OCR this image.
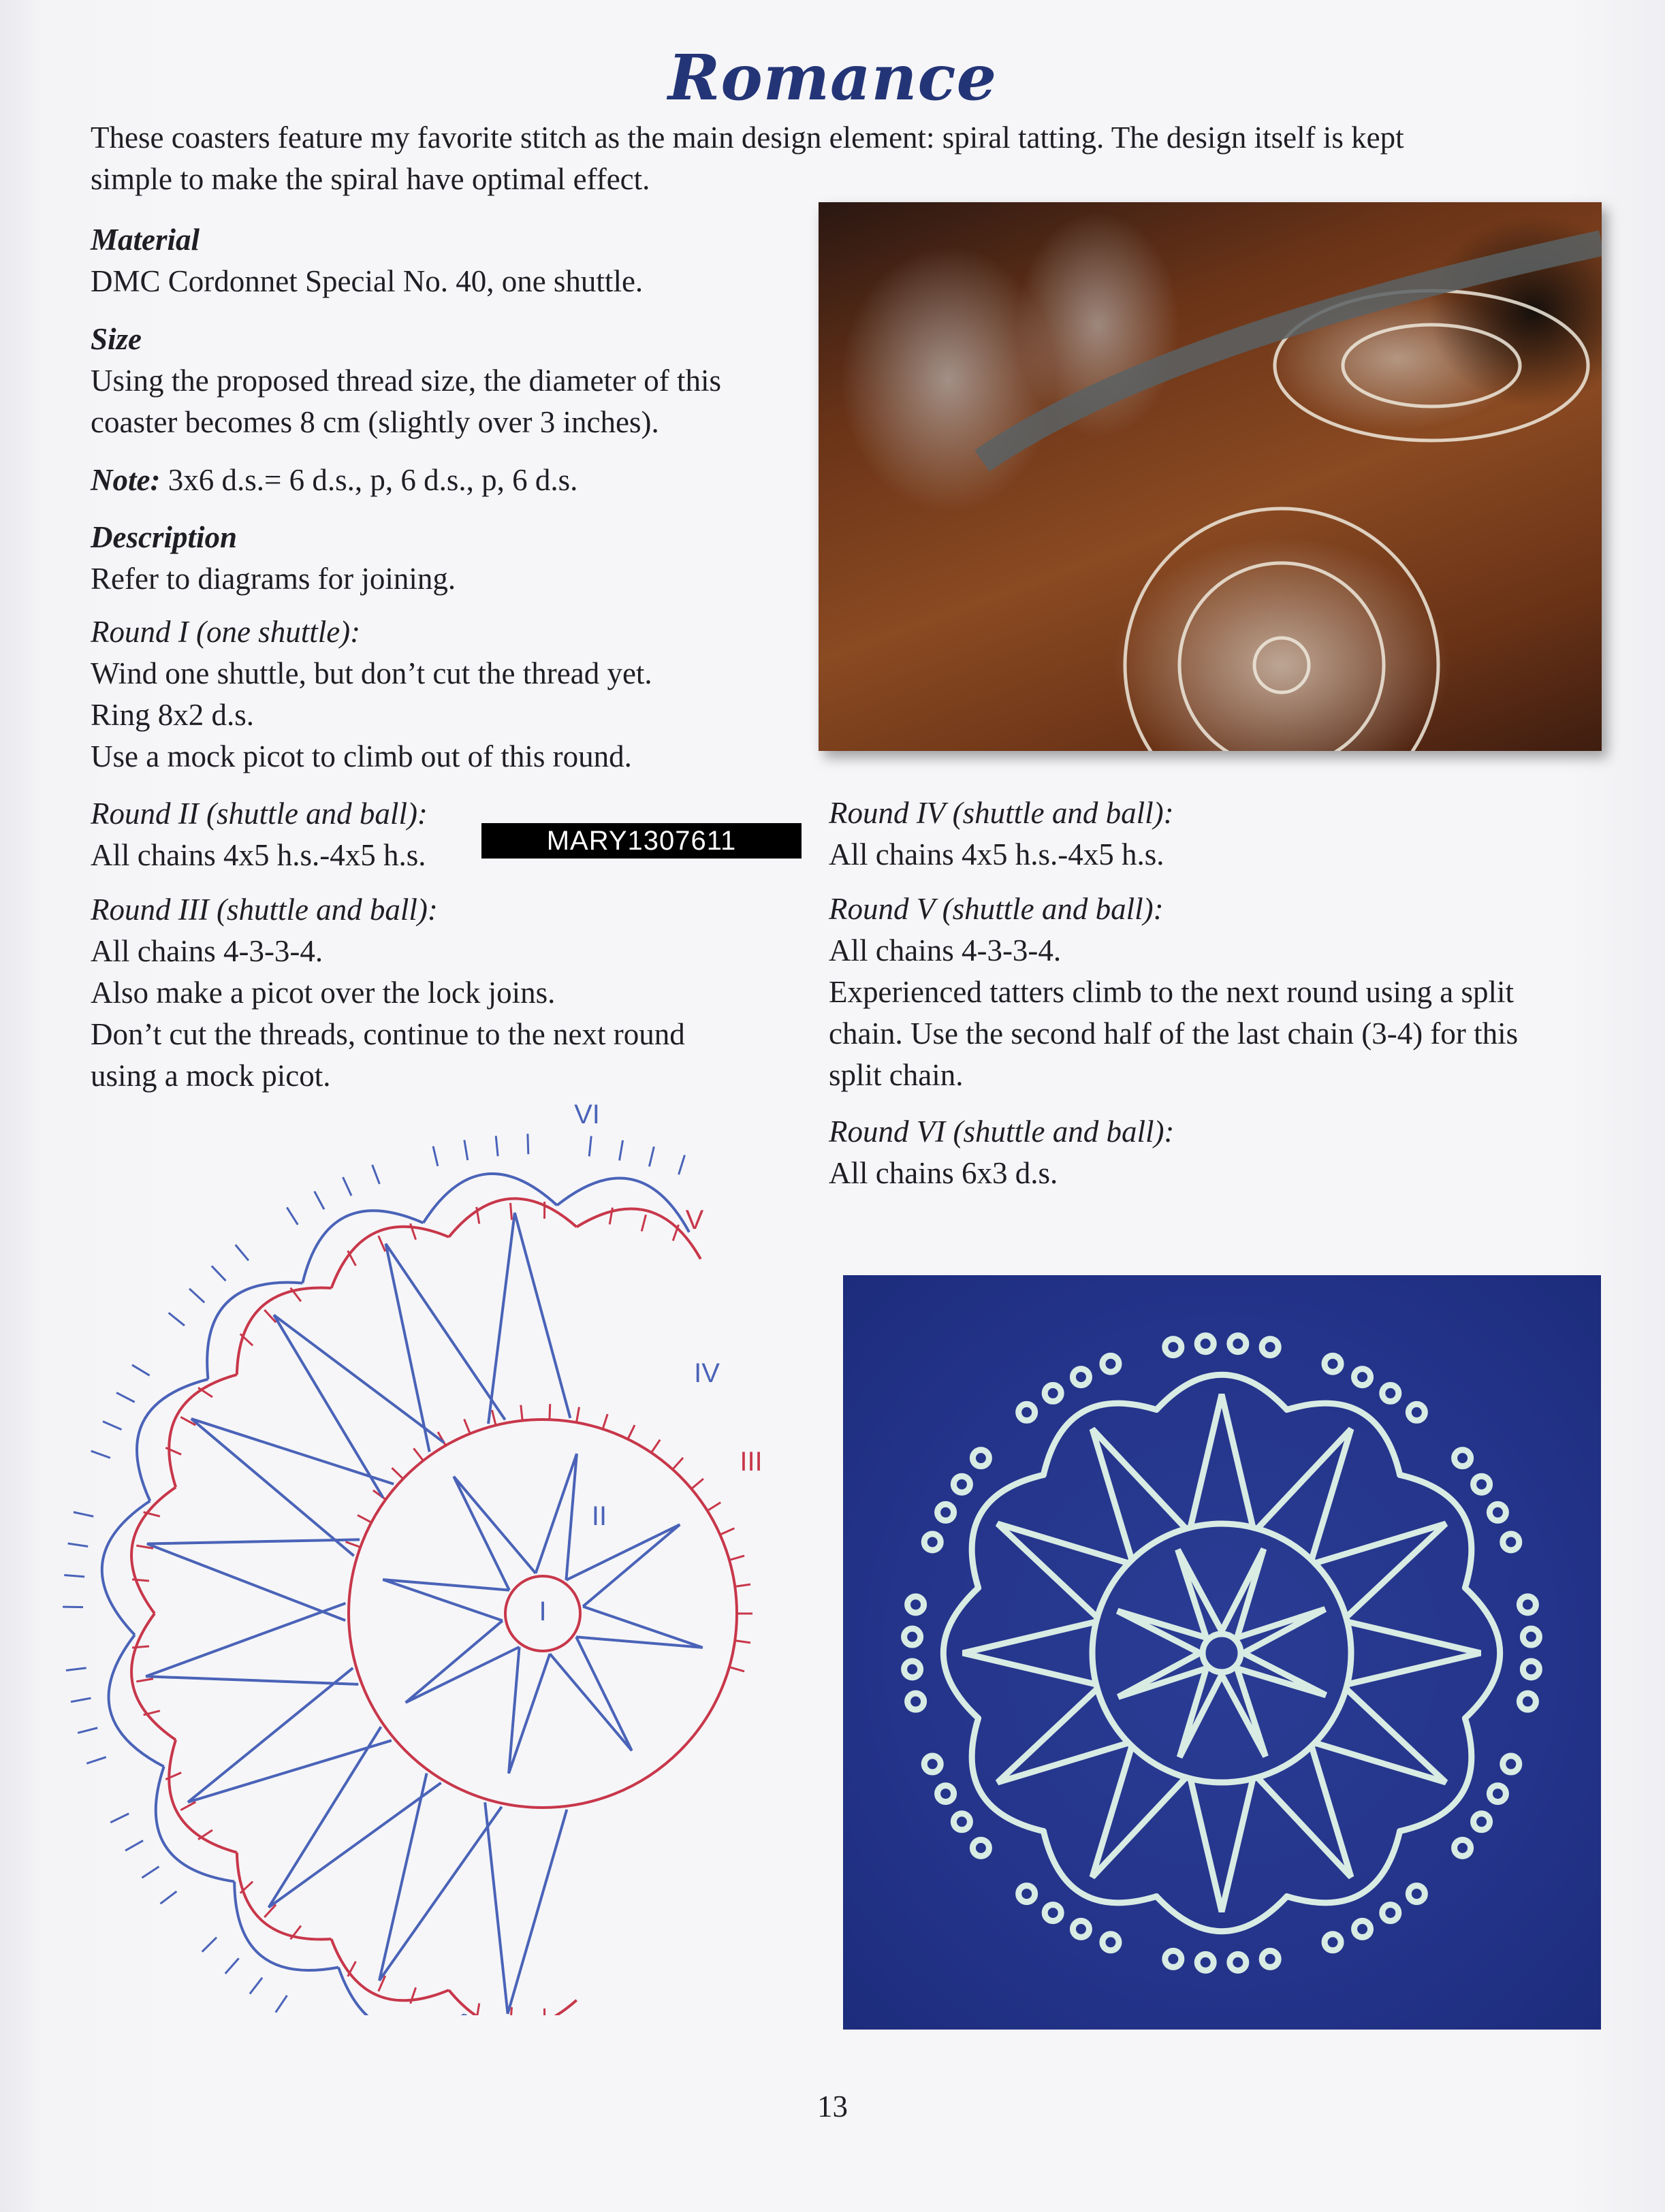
Romance

These coasters feature my favorite stitch as the main design element: spiral tatting. The design itself is kept

simple to make the spiral have optimal effect.

Material

DMC Cordonnet Special No. 40, one shuttle.

Size

Using the proposed thread size, the diameter of this

coaster becomes 8 cm (slightly over 3 inches).

Note: 3x6 d.s.= 6 d.s., p, 6 d.s., p, 6 d.s.

Description

Refer to diagrams for joining.

Round I (one shuttle):

Wind one shuttle, but don’t cut the thread yet.

Ring 8x2 d.s.

Use a mock picot to climb out of this round.

Round II (shuttle and ball):

All chains 4x5 h.s.-4x5 h.s.	MARY1307611

Round III (shuttle and ball):

All chains 4-3-3-4.

Also make a picot over the lock joins.

Don’t cut the threads, continue to the next round

using a mock picot.

Round IV (shuttle and ball):

All chains 4x5 h.s.-4x5 h.s.

Round V (shuttle and ball):

All chains 4-3-3-4.

Experienced tatters climb to the next round using a split

chain. Use the second half of the last chain (3-4) for this

split chain.

Round VI (shuttle and ball):

All chains 6x3 d.s.

I
II
III
IV
V
VI
13
